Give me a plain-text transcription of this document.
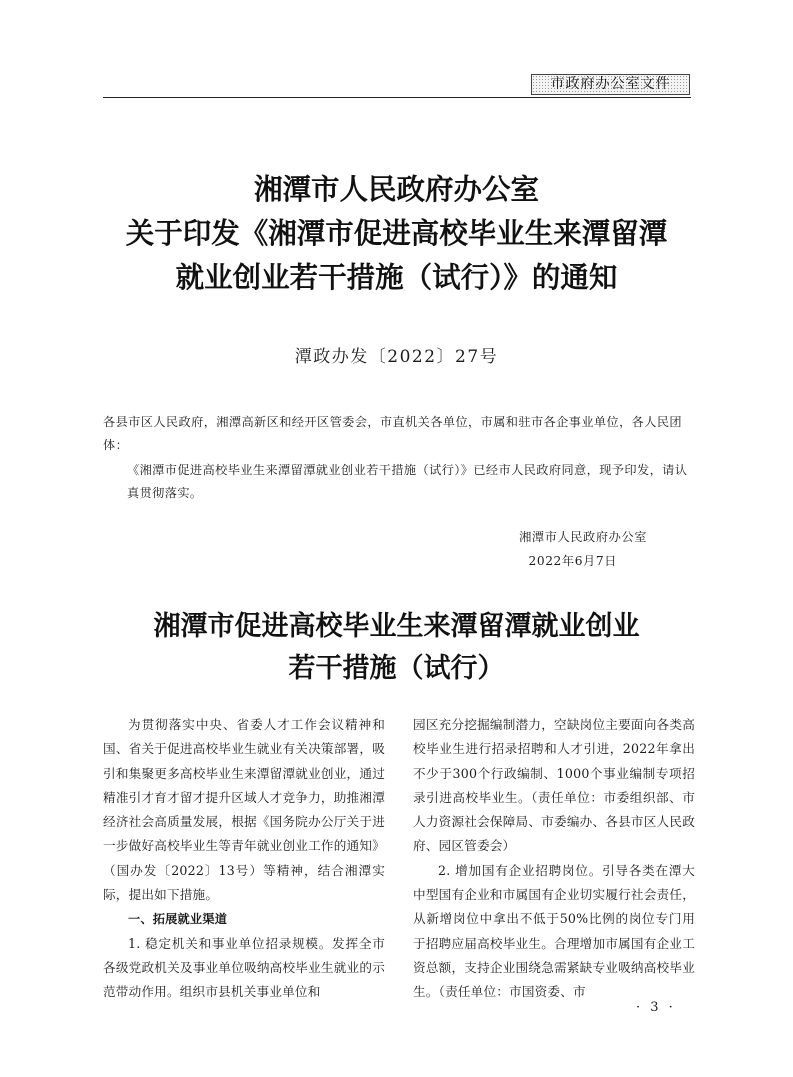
市政府办公室文件
湘潭市人民政府办公室
关于印发《湘潭市促进高校毕业生来潭留潭
就业创业若干措施（试行）》的通知
潭政办发〔2022〕27号
各县市区人民政府，湘潭高新区和经开区管委会，市直机关各单位，市属和驻市各企事业单位，各人民团体：
《湘潭市促进高校毕业生来潭留潭就业创业若干措施（试行）》已经市人民政府同意，现予印发，请认真贯彻落实。
湘潭市人民政府办公室
2022年6月7日
湘潭市促进高校毕业生来潭留潭就业创业
若干措施（试行）

为贯彻落实中央、省委人才工作会议精神和国、省关于促进高校毕业生就业有关决策部署，吸引和集聚更多高校毕业生来潭留潭就业创业，通过精准引才育才留才提升区域人才竞争力，助推湘潭经济社会高质量发展，根据《国务院办公厅关于进一步做好高校毕业生等青年就业创业工作的通知》（国办发〔2022〕13号）等精神，结合湘潭实际，提出如下措施。

一、拓展就业渠道

1. 稳定机关和事业单位招录规模。发挥全市各级党政机关及事业单位吸纳高校毕业生就业的示范带动作用。组织市县机关事业单位和

园区充分挖掘编制潜力，空缺岗位主要面向各类高校毕业生进行招录招聘和人才引进，2022年拿出不少于300个行政编制、1000个事业编制专项招录引进高校毕业生。（责任单位：市委组织部、市人力资源社会保障局、市委编办、各县市区人民政府、园区管委会）

2. 增加国有企业招聘岗位。引导各类在潭大中型国有企业和市属国有企业切实履行社会责任，从新增岗位中拿出不低于50%比例的岗位专门用于招聘应届高校毕业生。合理增加市属国有企业工资总额，支持企业围绕急需紧缺专业吸纳高校毕业生。（责任单位：市国资委、市

· 3 ·
